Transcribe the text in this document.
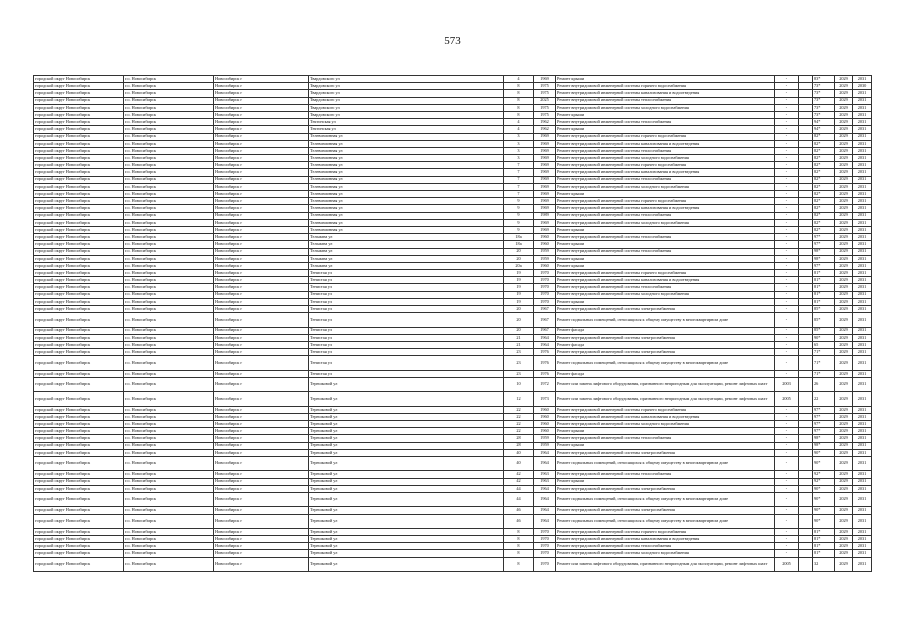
573
городской округ Новосибирск	г.о. Новосибирск	Новосибирск г	Твардовского ул	4	1969	Ремонт крыши	-		83*	2029	2031
городской округ Новосибирск	г.о. Новосибирск	Новосибирск г	Твардовского ул	8	1975	Ремонт внутридомовой инженерной системы горячего водоснабжения	-		73*	2029	2030
городской округ Новосибирск	г.о. Новосибирск	Новосибирск г	Твардовского ул	8	1975	Ремонт внутридомовой инженерной системы канализования и водоотведения	-		73*	2029	2031
городской округ Новосибирск	г.о. Новосибирск	Новосибирск г	Твардовского ул	8	2025	Ремонт внутридомовой инженерной системы теплоснабжения	-		73*	2029	2031
городской округ Новосибирск	г.о. Новосибирск	Новосибирск г	Твардовского ул	8	1975	Ремонт внутридомовой инженерной системы холодного водоснабжения	-		73*	2029	2031
городской округ Новосибирск	г.о. Новосибирск	Новосибирск г	Твардовского ул	8	1975	Ремонт крыши	-		73*	2029	2031
городской округ Новосибирск	г.о. Новосибирск	Новосибирск г	Тектонская ул	4	1962	Ремонт внутридомовой инженерной системы теплоснабжения	-		94*	2029	2031
городской округ Новосибирск	г.о. Новосибирск	Новосибирск г	Тектонская ул	4	1962	Ремонт крыши	-		94*	2029	2031
городской округ Новосибирск	г.о. Новосибирск	Новосибирск г	Телевизионная ул	3	1969	Ремонт внутридомовой инженерной системы горячего водоснабжения	-		82*	2029	2031
городской округ Новосибирск	г.о. Новосибирск	Новосибирск г	Телевизионная ул	3	1969	Ремонт внутридомовой инженерной системы канализования и водоотведения	-		82*	2029	2031
городской округ Новосибирск	г.о. Новосибирск	Новосибирск г	Телевизионная ул	3	1969	Ремонт внутридомовой инженерной системы теплоснабжения	-		82*	2029	2031
городской округ Новосибирск	г.о. Новосибирск	Новосибирск г	Телевизионная ул	3	1969	Ремонт внутридомовой инженерной системы холодного водоснабжения	-		82*	2029	2031
городской округ Новосибирск	г.о. Новосибирск	Новосибирск г	Телевизионная ул	7	1969	Ремонт внутридомовой инженерной системы горячего водоснабжения	-		82*	2029	2031
городской округ Новосибирск	г.о. Новосибирск	Новосибирск г	Телевизионная ул	7	1969	Ремонт внутридомовой инженерной системы канализования и водоотведения	-		82*	2029	2031
городской округ Новосибирск	г.о. Новосибирск	Новосибирск г	Телевизионная ул	7	1969	Ремонт внутридомовой инженерной системы теплоснабжения	-		82*	2029	2031
городской округ Новосибирск	г.о. Новосибирск	Новосибирск г	Телевизионная ул	7	1969	Ремонт внутридомовой инженерной системы холодного водоснабжения	-		82*	2029	2031
городской округ Новосибирск	г.о. Новосибирск	Новосибирск г	Телевизионная ул	7	1969	Ремонт крыши	-		82*	2029	2031
городской округ Новосибирск	г.о. Новосибирск	Новосибирск г	Телевизионная ул	9	1969	Ремонт внутридомовой инженерной системы горячего водоснабжения	-		82*	2029	2031
городской округ Новосибирск	г.о. Новосибирск	Новосибирск г	Телевизионная ул	9	1969	Ремонт внутридомовой инженерной системы канализования и водоотведения	-		82*	2029	2031
городской округ Новосибирск	г.о. Новосибирск	Новосибирск г	Телевизионная ул	9	1989	Ремонт внутридомовой инженерной системы теплоснабжения	-		82*	2029	2031
городской округ Новосибирск	г.о. Новосибирск	Новосибирск г	Телевизионная ул	9	1969	Ремонт внутридомовой инженерной системы холодного водоснабжения	-		82*	2029	2031
городской округ Новосибирск	г.о. Новосибирск	Новосибирск г	Телевизионная ул	9	1969	Ремонт крыши	-		82*	2029	2031
городской округ Новосибирск	г.о. Новосибирск	Новосибирск г	Тельмана ул	18а	1960	Ремонт внутридомовой инженерной системы теплоснабжения	-		97*	2029	2031
городской округ Новосибирск	г.о. Новосибирск	Новосибирск г	Тельмана ул	18а	1960	Ремонт крыши	-		97*	2029	2031
городской округ Новосибирск	г.о. Новосибирск	Новосибирск г	Тельмана ул	20	1959	Ремонт внутридомовой инженерной системы теплоснабжения	-		98*	2029	2031
городской округ Новосибирск	г.о. Новосибирск	Новосибирск г	Тельмана ул	20	1959	Ремонт крыши	-		98*	2029	2031
городской округ Новосибирск	г.о. Новосибирск	Новосибирск г	Тельмана ул	20а	1960	Ремонт крыши	-		97*	2029	2031
городской округ Новосибирск	г.о. Новосибирск	Новосибирск г	Тенистая ул	19	1970	Ремонт внутридомовой инженерной системы горячего водоснабжения	-		81*	2029	2031
городской округ Новосибирск	г.о. Новосибирск	Новосибирск г	Тенистая ул	19	1970	Ремонт внутридомовой инженерной системы канализования и водоотведения	-		81*	2029	2031
городской округ Новосибирск	г.о. Новосибирск	Новосибирск г	Тенистая ул	19	1970	Ремонт внутридомовой инженерной системы теплоснабжения	-		81*	2029	2031
городской округ Новосибирск	г.о. Новосибирск	Новосибирск г	Тенистая ул	19	1970	Ремонт внутридомовой инженерной системы холодного водоснабжения	-		81*	2029	2031
городской округ Новосибирск	г.о. Новосибирск	Новосибирск г	Тенистая ул	19	1970	Ремонт крыши	-		81*	2029	2031
городской округ Новосибирск	г.о. Новосибирск	Новосибирск г	Тенистая ул	20	1967	Ремонт внутридомовой инженерной системы электроснабжения	-		85*	2029	2031
городской округ Новосибирск	г.о. Новосибирск	Новосибирск г	Тенистая ул	20	1967	Ремонт подвальных помещений, относящихся к общему имуществу в многоквартирном доме	-		85*	2029	2031
городской округ Новосибирск	г.о. Новосибирск	Новосибирск г	Тенистая ул	20	1967	Ремонт фасада	-		85*	2029	2031
городской округ Новосибирск	г.о. Новосибирск	Новосибирск г	Тенистая ул	21	1964	Ремонт внутридомовой инженерной системы электроснабжения	-		90*	2029	2031
городской округ Новосибирск	г.о. Новосибирск	Новосибирск г	Тенистая ул	21	1964	Ремонт фасада	-		65	2029	2031
городской округ Новосибирск	г.о. Новосибирск	Новосибирск г	Тенистая ул	23	1976	Ремонт внутридомовой инженерной системы электроснабжения	-		71*	2029	2031
городской округ Новосибирск	г.о. Новосибирск	Новосибирск г	Тенистая ул	23	1976	Ремонт подвальных помещений, относящихся к общему имуществу в многоквартирном доме	-		71*	2029	2031
городской округ Новосибирск	г.о. Новосибирск	Новосибирск г	Тенистая ул	23	1976	Ремонт фасада	-		71*	2029	2031
городской округ Новосибирск	г.о. Новосибирск	Новосибирск г	Терешковой ул	10	1972	Ремонт или замена лифтового оборудования, признанного непригодным для эксплуатации, ремонт лифтовых шахт	2003		26	2029	2031
городской округ Новосибирск	г.о. Новосибирск	Новосибирск г	Терешковой ул	12	1973	Ремонт или замена лифтового оборудования, признанного непригодным для эксплуатации, ремонт лифтовых шахт	2005		22	2029	2031
городской округ Новосибирск	г.о. Новосибирск	Новосибирск г	Терешковой ул	22	1960	Ремонт внутридомовой инженерной системы горячего водоснабжения	-		97*	2029	2031
городской округ Новосибирск	г.о. Новосибирск	Новосибирск г	Терешковой ул	22	1960	Ремонт внутридомовой инженерной системы канализования и водоотведения	-		97*	2029	2031
городской округ Новосибирск	г.о. Новосибирск	Новосибирск г	Терешковой ул	22	1960	Ремонт внутридомовой инженерной системы холодного водоснабжения	-		97*	2029	2031
городской округ Новосибирск	г.о. Новосибирск	Новосибирск г	Терешковой ул	22	1960	Ремонт крыши	-		97*	2029	2031
городской округ Новосибирск	г.о. Новосибирск	Новосибирск г	Терешковой ул	28	1959	Ремонт внутридомовой инженерной системы теплоснабжения	-		98*	2029	2031
городской округ Новосибирск	г.о. Новосибирск	Новосибирск г	Терешковой ул	28	1959	Ремонт крыши	-		98*	2029	2031
городской округ Новосибирск	г.о. Новосибирск	Новосибирск г	Терешковой ул	40	1964	Ремонт внутридомовой инженерной системы электроснабжения	-		90*	2029	2031
городской округ Новосибирск	г.о. Новосибирск	Новосибирск г	Терешковой ул	40	1964	Ремонт подвальных помещений, относящихся к общему имуществу в многоквартирном доме	-		90*	2029	2031
городской округ Новосибирск	г.о. Новосибирск	Новосибирск г	Терешковой ул	42	1963	Ремонт внутридомовой инженерной системы теплоснабжения	-		92*	2029	2031
городской округ Новосибирск	г.о. Новосибирск	Новосибирск г	Терешковой ул	42	1963	Ремонт крыши	-		92*	2029	2031
городской округ Новосибирск	г.о. Новосибирск	Новосибирск г	Терешковой ул	44	1964	Ремонт внутридомовой инженерной системы электроснабжения	-		90*	2029	2031
городской округ Новосибирск	г.о. Новосибирск	Новосибирск г	Терешковой ул	44	1964	Ремонт подвальных помещений, относящихся к общему имуществу в многоквартирном доме	-		90*	2029	2031
городской округ Новосибирск	г.о. Новосибирск	Новосибирск г	Терешковой ул	46	1964	Ремонт внутридомовой инженерной системы электроснабжения	-		90*	2029	2031
городской округ Новосибирск	г.о. Новосибирск	Новосибирск г	Терешковой ул	46	1964	Ремонт подвальных помещений, относящихся к общему имуществу в многоквартирном доме	-		90*	2029	2031
городской округ Новосибирск	г.о. Новосибирск	Новосибирск г	Терешковой ул	8	1970	Ремонт внутридомовой инженерной системы горячего водоснабжения	-		81*	2029	2031
городской округ Новосибирск	г.о. Новосибирск	Новосибирск г	Терешковой ул	8	1970	Ремонт внутридомовой инженерной системы канализования и водоотведения	-		81*	2029	2031
городской округ Новосибирск	г.о. Новосибирск	Новосибирск г	Терешковой ул	8	1970	Ремонт внутридомовой инженерной системы теплоснабжения	-		81*	2029	2031
городской округ Новосибирск	г.о. Новосибирск	Новосибирск г	Терешковой ул	8	1970	Ремонт внутридомовой инженерной системы холодного водоснабжения	-		81*	2029	2031
городской округ Новосибирск	г.о. Новосибирск	Новосибирск г	Терешковой ул	8	1970	Ремонт или замена лифтового оборудования, признанного непригодным для эксплуатации, ремонт лифтовых шахт	2005		32	2029	2031
